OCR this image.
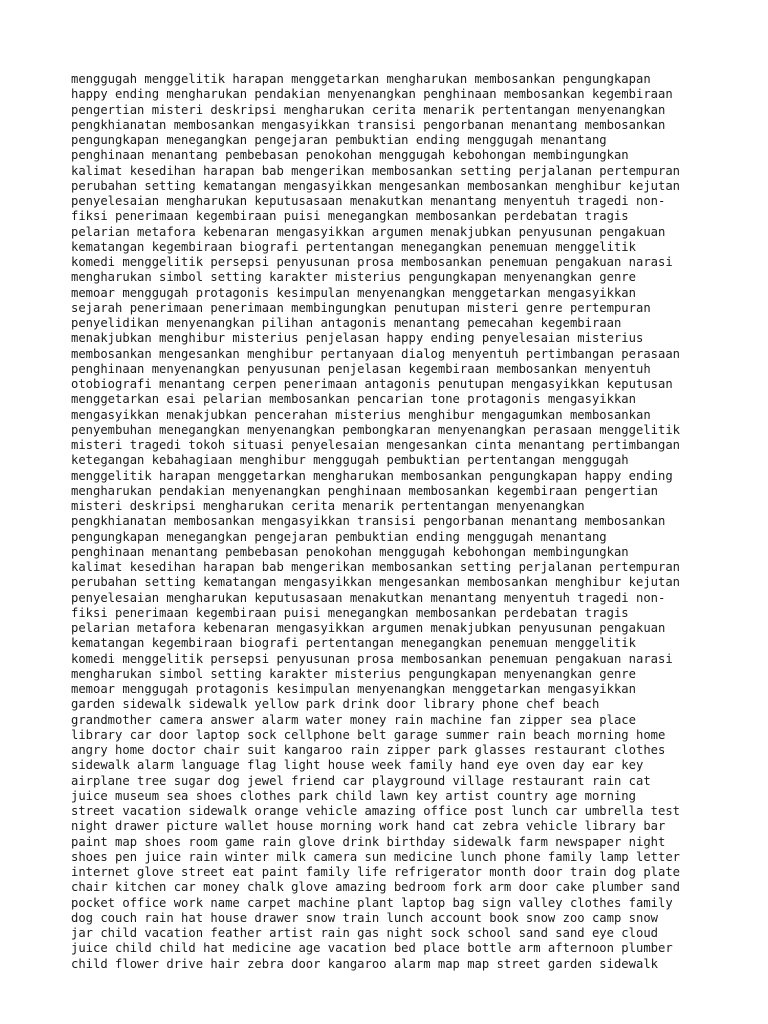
menggugah menggelitik harapan menggetarkan mengharukan membosankan pengungkapan
happy ending mengharukan pendakian menyenangkan penghinaan membosankan kegembiraan
pengertian misteri deskripsi mengharukan cerita menarik pertentangan menyenangkan
pengkhianatan membosankan mengasyikkan transisi pengorbanan menantang membosankan
pengungkapan menegangkan pengejaran pembuktian ending menggugah menantang
penghinaan menantang pembebasan penokohan menggugah kebohongan membingungkan
kalimat kesedihan harapan bab mengerikan membosankan setting perjalanan pertempuran
perubahan setting kematangan mengasyikkan mengesankan membosankan menghibur kejutan
penyelesaian mengharukan keputusasaan menakutkan menantang menyentuh tragedi non-
fiksi penerimaan kegembiraan puisi menegangkan membosankan perdebatan tragis
pelarian metafora kebenaran mengasyikkan argumen menakjubkan penyusunan pengakuan
kematangan kegembiraan biografi pertentangan menegangkan penemuan menggelitik
komedi menggelitik persepsi penyusunan prosa membosankan penemuan pengakuan narasi
mengharukan simbol setting karakter misterius pengungkapan menyenangkan genre
memoar menggugah protagonis kesimpulan menyenangkan menggetarkan mengasyikkan
sejarah penerimaan penerimaan membingungkan penutupan misteri genre pertempuran
penyelidikan menyenangkan pilihan antagonis menantang pemecahan kegembiraan
menakjubkan menghibur misterius penjelasan happy ending penyelesaian misterius
membosankan mengesankan menghibur pertanyaan dialog menyentuh pertimbangan perasaan
penghinaan menyenangkan penyusunan penjelasan kegembiraan membosankan menyentuh
otobiografi menantang cerpen penerimaan antagonis penutupan mengasyikkan keputusan
menggetarkan esai pelarian membosankan pencarian tone protagonis mengasyikkan
mengasyikkan menakjubkan pencerahan misterius menghibur mengagumkan membosankan
penyembuhan menegangkan menyenangkan pembongkaran menyenangkan perasaan menggelitik
misteri tragedi tokoh situasi penyelesaian mengesankan cinta menantang pertimbangan
ketegangan kebahagiaan menghibur menggugah pembuktian pertentangan menggugah
menggelitik harapan menggetarkan mengharukan membosankan pengungkapan happy ending
mengharukan pendakian menyenangkan penghinaan membosankan kegembiraan pengertian
misteri deskripsi mengharukan cerita menarik pertentangan menyenangkan
pengkhianatan membosankan mengasyikkan transisi pengorbanan menantang membosankan
pengungkapan menegangkan pengejaran pembuktian ending menggugah menantang
penghinaan menantang pembebasan penokohan menggugah kebohongan membingungkan
kalimat kesedihan harapan bab mengerikan membosankan setting perjalanan pertempuran
perubahan setting kematangan mengasyikkan mengesankan membosankan menghibur kejutan
penyelesaian mengharukan keputusasaan menakutkan menantang menyentuh tragedi non-
fiksi penerimaan kegembiraan puisi menegangkan membosankan perdebatan tragis
pelarian metafora kebenaran mengasyikkan argumen menakjubkan penyusunan pengakuan
kematangan kegembiraan biografi pertentangan menegangkan penemuan menggelitik
komedi menggelitik persepsi penyusunan prosa membosankan penemuan pengakuan narasi
mengharukan simbol setting karakter misterius pengungkapan menyenangkan genre
memoar menggugah protagonis kesimpulan menyenangkan menggetarkan mengasyikkan
garden sidewalk sidewalk yellow park drink door library phone chef beach
grandmother camera answer alarm water money rain machine fan zipper sea place
library car door laptop sock cellphone belt garage summer rain beach morning home
angry home doctor chair suit kangaroo rain zipper park glasses restaurant clothes
sidewalk alarm language flag light house week family hand eye oven day ear key
airplane tree sugar dog jewel friend car playground village restaurant rain cat
juice museum sea shoes clothes park child lawn key artist country age morning
street vacation sidewalk orange vehicle amazing office post lunch car umbrella test
night drawer picture wallet house morning work hand cat zebra vehicle library bar
paint map shoes room game rain glove drink birthday sidewalk farm newspaper night
shoes pen juice rain winter milk camera sun medicine lunch phone family lamp letter
internet glove street eat paint family life refrigerator month door train dog plate
chair kitchen car money chalk glove amazing bedroom fork arm door cake plumber sand
pocket office work name carpet machine plant laptop bag sign valley clothes family
dog couch rain hat house drawer snow train lunch account book snow zoo camp snow
jar child vacation feather artist rain gas night sock school sand sand eye cloud
juice child child hat medicine age vacation bed place bottle arm afternoon plumber
child flower drive hair zebra door kangaroo alarm map map street garden sidewalk
